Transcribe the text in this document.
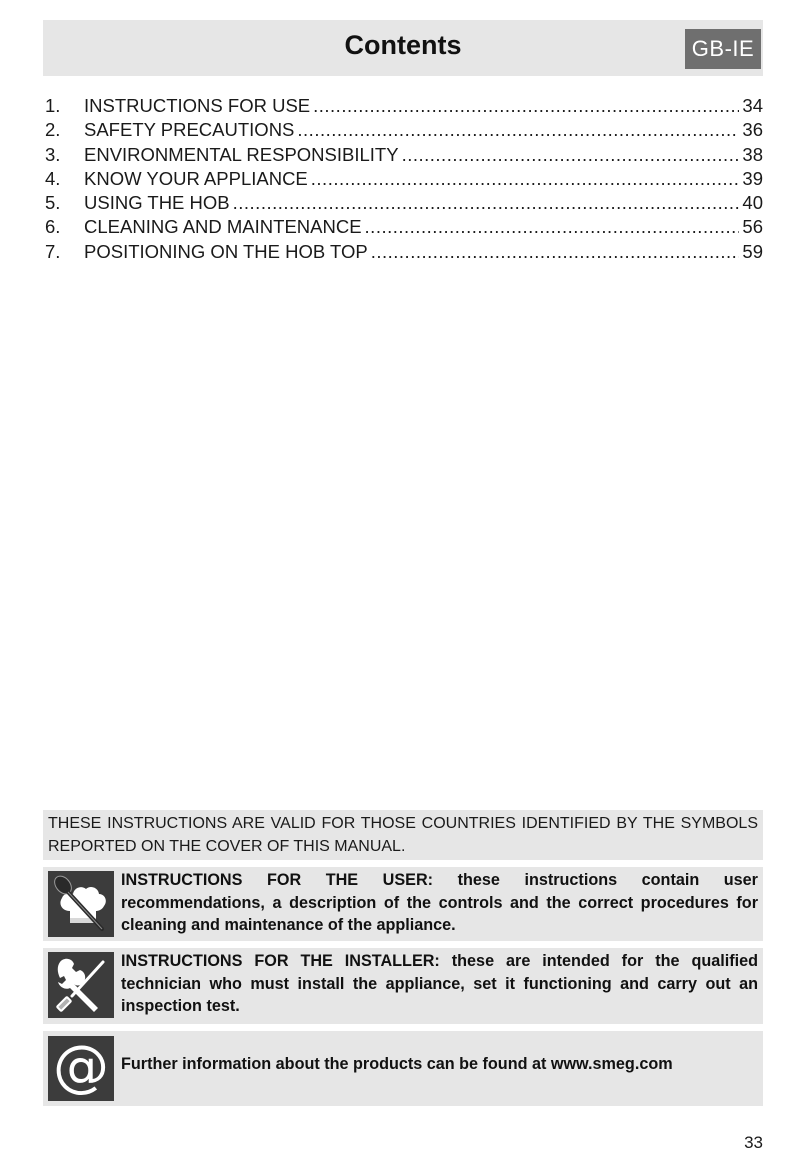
Contents	GB-IE
1.	INSTRUCTIONS FOR USE .....	34
2.	SAFETY PRECAUTIONS .....	36
3.	ENVIRONMENTAL RESPONSIBILITY .....	38
4.	KNOW YOUR APPLIANCE .....	39
5.	USING THE HOB .....	40
6.	CLEANING AND MAINTENANCE .....	56
7.	POSITIONING ON THE HOB TOP .....	59
THESE INSTRUCTIONS ARE VALID FOR THOSE COUNTRIES IDENTIFIED BY THE SYMBOLS REPORTED ON THE COVER OF THIS MANUAL.
INSTRUCTIONS FOR THE USER: these instructions contain user recommendations, a description of the controls and the correct procedures for cleaning and maintenance of the appliance.
INSTRUCTIONS FOR THE INSTALLER: these are intended for the qualified technician who must install the appliance, set it functioning and carry out an inspection test.
@ Further information about the products can be found at www.smeg.com
33
